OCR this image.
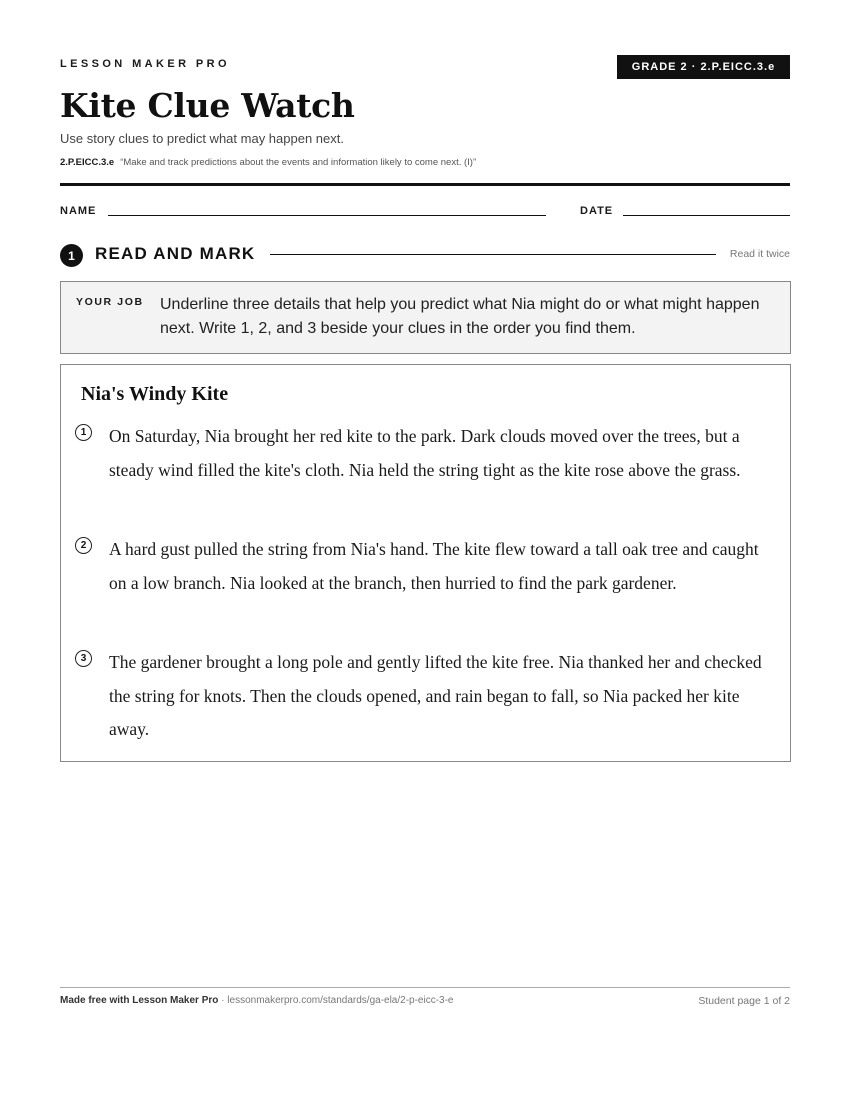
LESSON MAKER PRO	GRADE 2 · 2.P.EICC.3.e
Kite Clue Watch
Use story clues to predict what may happen next.
2.P.EICC.3.e “Make and track predictions about the events and information likely to come next. (I)”
NAME	DATE
1	READ AND MARK	Read it twice
YOUR JOB Underline three details that help you predict what Nia might do or what might happen next. Write 1, 2, and 3 beside your clues in the order you find them.
Nia's Windy Kite
1	On Saturday, Nia brought her red kite to the park. Dark clouds moved over the trees, but a steady wind filled the kite's cloth. Nia held the string tight as the kite rose above the grass.
2	A hard gust pulled the string from Nia's hand. The kite flew toward a tall oak tree and caught on a low branch. Nia looked at the branch, then hurried to find the park gardener.
3	The gardener brought a long pole and gently lifted the kite free. Nia thanked her and checked the string for knots. Then the clouds opened, and rain began to fall, so Nia packed her kite away.
Made free with Lesson Maker Pro · lessonmakerpro.com/standards/ga-ela/2-p-eicc-3-e	Student page 1 of 2
